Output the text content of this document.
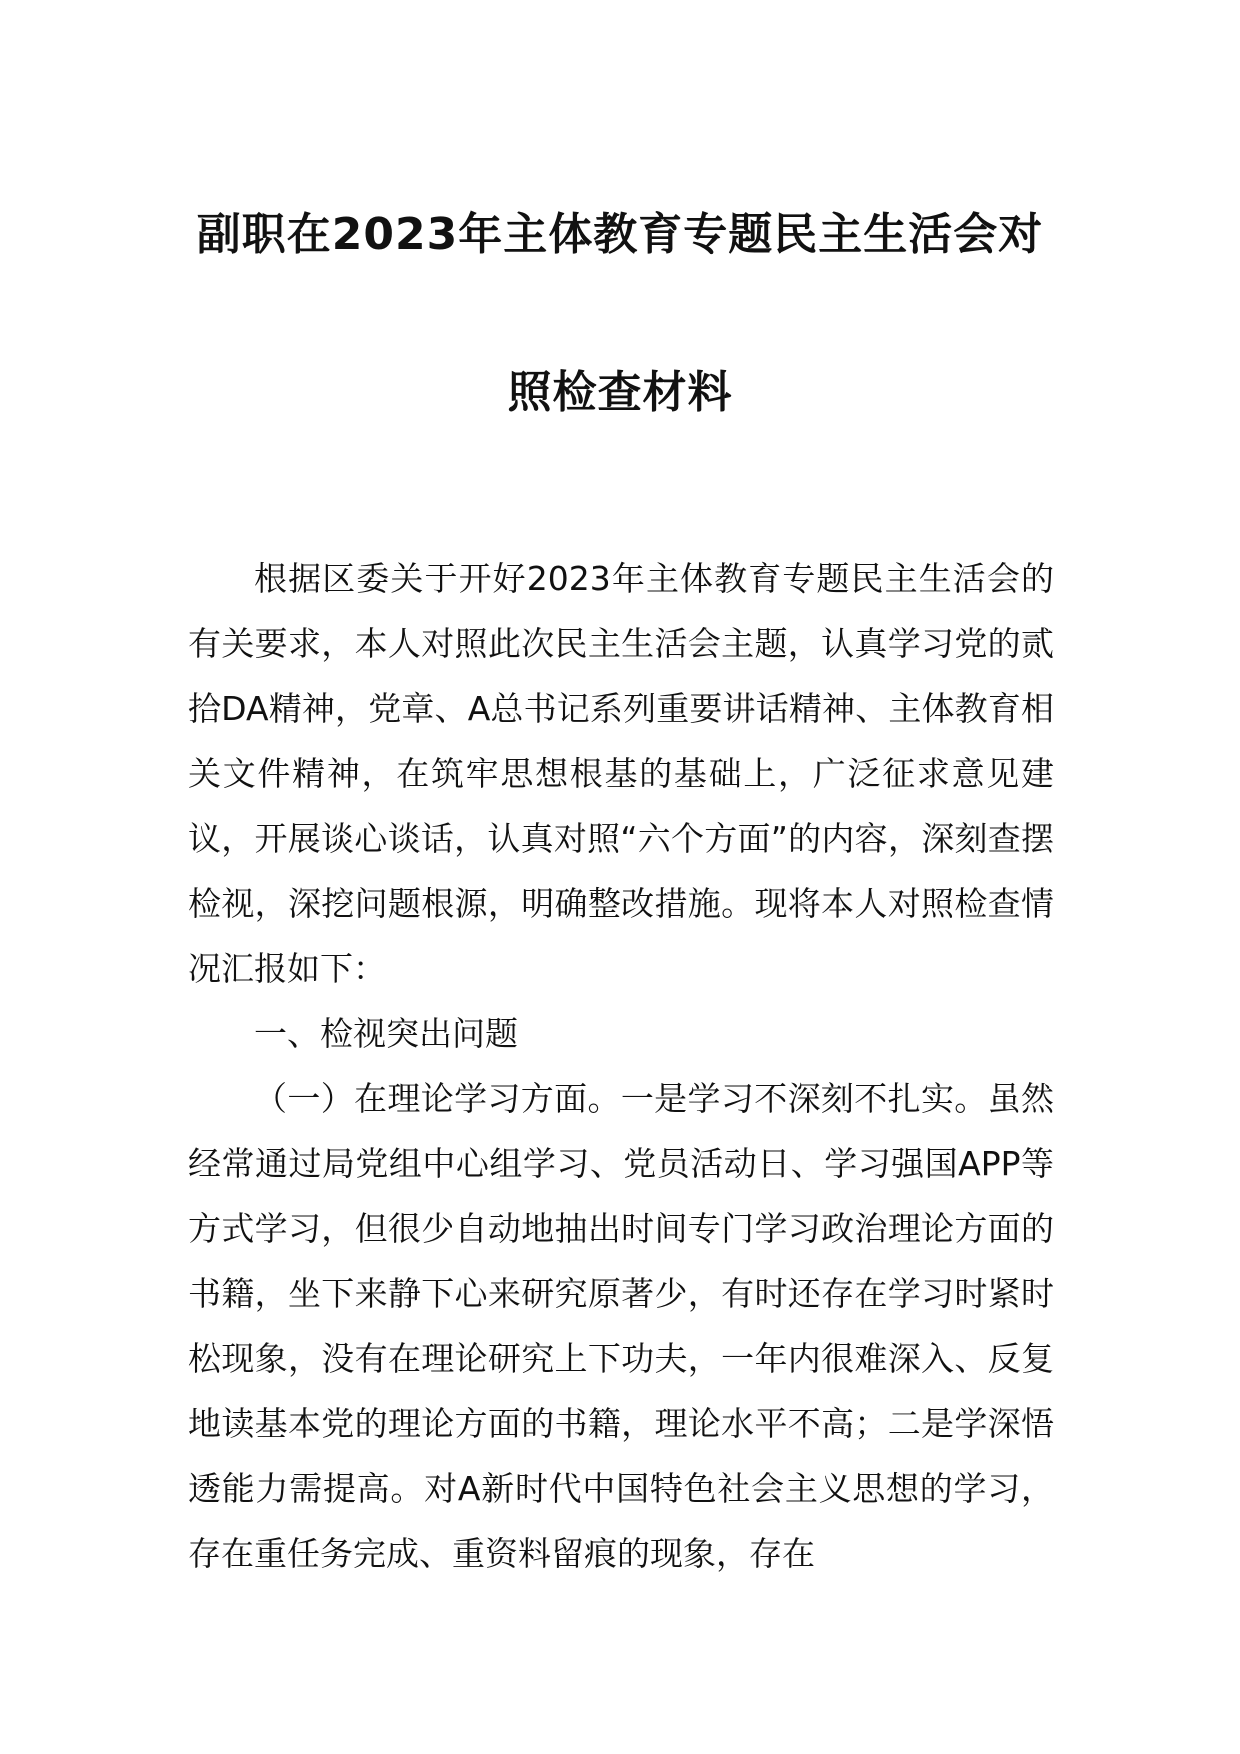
副职在2023年主体教育专题民主生活会对
照检查材料

根据区委关于开好2023年主体教育专题民主生活会的有关要求，本人对照此次民主生活会主题，认真学习党的贰拾DA精神，党章、A总书记系列重要讲话精神、主体教育相关文件精神，在筑牢思想根基的基础上，广泛征求意见建议，开展谈心谈话，认真对照“六个方面”的内容，深刻查摆检视，深挖问题根源，明确整改措施。现将本人对照检查情况汇报如下：

一、检视突出问题

（一）在理论学习方面。一是学习不深刻不扎实。虽然经常通过局党组中心组学习、党员活动日、学习强国APP等方式学习，但很少自动地抽出时间专门学习政治理论方面的书籍，坐下来静下心来研究原著少，有时还存在学习时紧时松现象，没有在理论研究上下功夫，一年内很难深入、反复地读基本党的理论方面的书籍，理论水平不高；二是学深悟透能力需提高。对A新时代中国特色社会主义思想的学习，存在重任务完成、重资料留痕的现象，存在
